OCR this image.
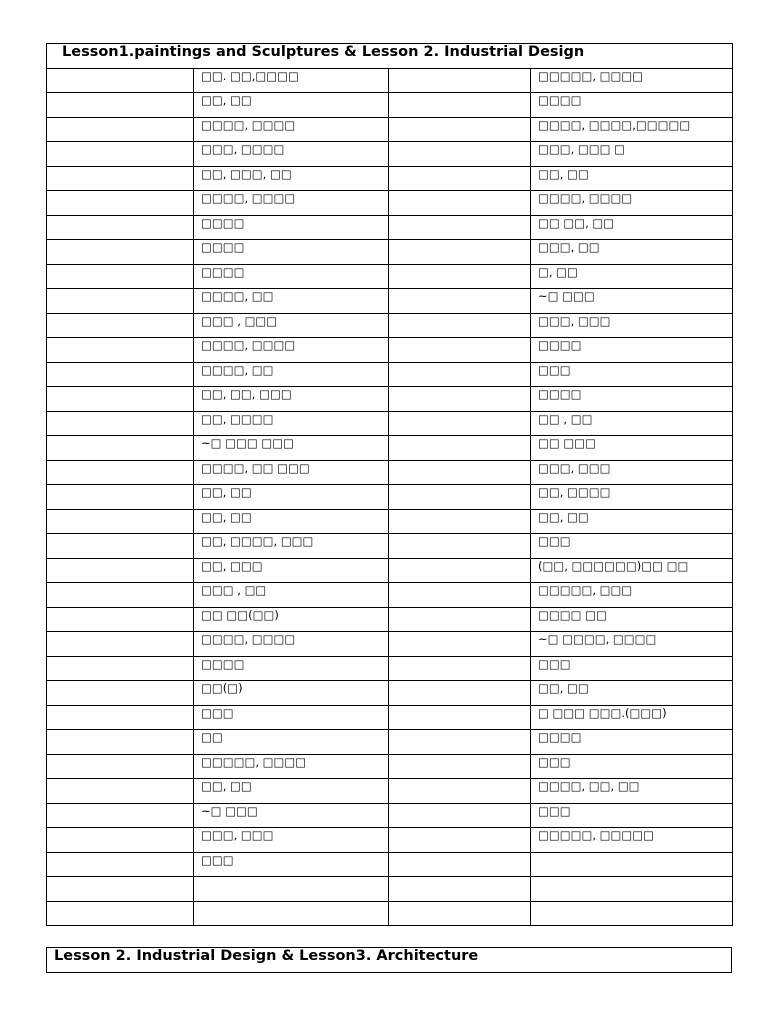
Lesson1.paintings and Sculptures & Lesson 2. Industrial Design			
	□□. □□,□□□□		□□□□□, □□□□
	□□, □□		□□□□
	□□□□, □□□□		□□□□, □□□□,□□□□□
	□□□, □□□□		□□□, □□□ □
	□□, □□□, □□		□□, □□
	□□□□, □□□□		□□□□, □□□□
	□□□□		□□ □□, □□
	□□□□		□□□, □□
	□□□□		□, □□
	□□□□, □□		~□ □□□
	□□□ , □□□		□□□, □□□
	□□□□, □□□□		□□□□
	□□□□, □□		□□□
	□□, □□, □□□		□□□□
	□□, □□□□		□□ , □□
	~□ □□□ □□□		□□ □□□
	□□□□, □□ □□□		□□□, □□□
	□□, □□		□□, □□□□
	□□, □□		□□, □□
	□□, □□□□, □□□		□□□
	□□, □□□		(□□, □□□□□□)□□ □□
	□□□ , □□		□□□□□, □□□
	□□ □□(□□)		□□□□ □□
	□□□□, □□□□		~□ □□□□, □□□□
	□□□□		□□□
	□□(□)		□□, □□
	□□□		□ □□□ □□□.(□□□)
	□□		□□□□
	□□□□□, □□□□		□□□
	□□, □□		□□□□, □□, □□
	~□ □□□		□□□
	□□□, □□□		□□□□□, □□□□□
	□□□		

Lesson 2. Industrial Design & Lesson3. Architecture
